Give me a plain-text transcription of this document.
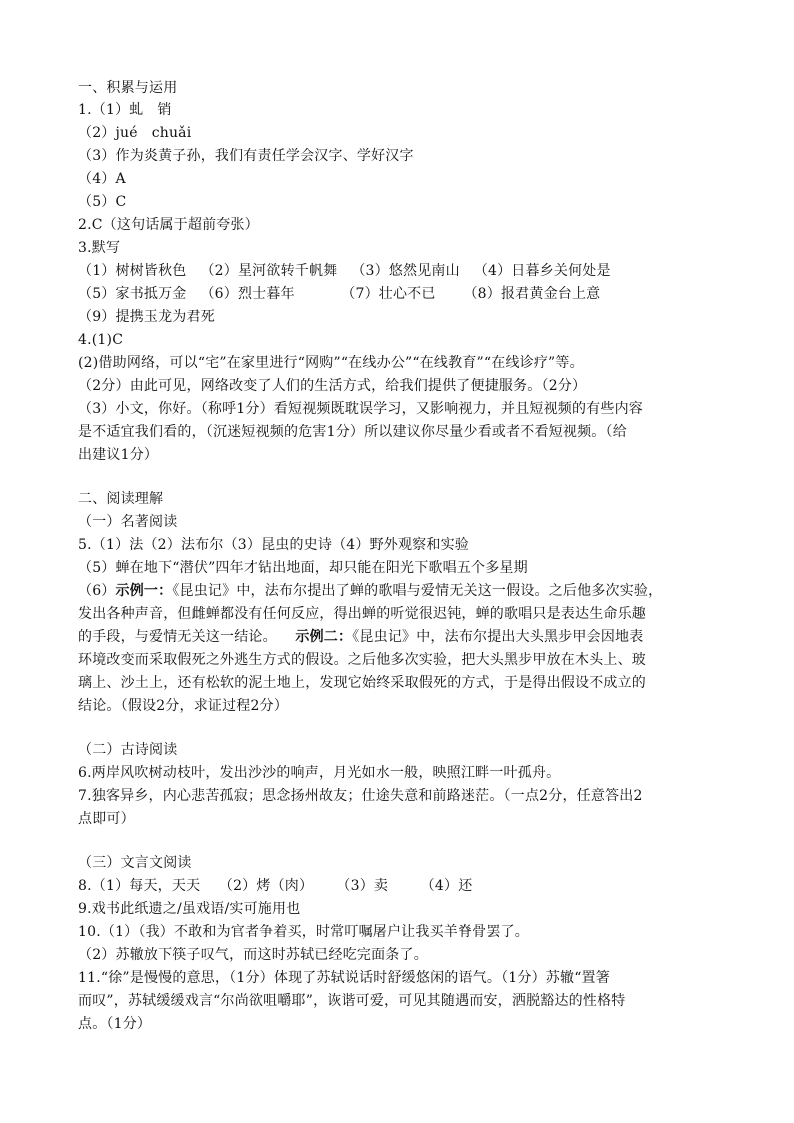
一、积累与运用
1.（1）虬   销
（2）jué   chuǎi
（3）作为炎黄子孙，我们有责任学会汉字、学好汉字
（4）A
（5）C
2.C（这句话属于超前夸张）
3.默写
（1）树树皆秋色   （2）星河欲转千帆舞   （3）悠然见南山   （4）日暮乡关何处是
（5）家书抵万金   （6）烈士暮年          （7）壮心不已      （8）报君黄金台上意
（9）提携玉龙为君死
4.(1)C
(2)借助网络，可以“宅”在家里进行“网购”“在线办公”“在线教育”“在线诊疗”等。
（2分）由此可见，网络改变了人们的生活方式，给我们提供了便捷服务。（2分）
（3）小文，你好。（称呼1分）看短视频既耽误学习，又影响视力，并且短视频的有些内容
是不适宜我们看的，（沉迷短视频的危害1分）所以建议你尽量少看或者不看短视频。（给
出建议1分）
二、阅读理解
（一）名著阅读
5.（1）法（2）法布尔（3）昆虫的史诗（4）野外观察和实验
（5）蝉在地下“潜伏”四年才钻出地面，却只能在阳光下歌唱五个多星期
（6）示例一：《昆虫记》中，法布尔提出了蝉的歌唱与爱情无关这一假设。之后他多次实验，
发出各种声音，但雌蝉都没有任何反应，得出蝉的听觉很迟钝，蝉的歌唱只是表达生命乐趣
的手段，与爱情无关这一结论。    示例二：《昆虫记》中，法布尔提出大头黑步甲会因地表
环境改变而采取假死之外逃生方式的假设。之后他多次实验，把大头黑步甲放在木头上、玻
璃上、沙土上，还有松软的泥土地上，发现它始终采取假死的方式，于是得出假设不成立的
结论。（假设2分，求证过程2分）
（二）古诗阅读
6.两岸风吹树动枝叶，发出沙沙的响声，月光如水一般，映照江畔一叶孤舟。
7.独客异乡，内心悲苦孤寂；思念扬州故友；仕途失意和前路迷茫。（一点2分，任意答出2
点即可）
（三）文言文阅读
8.（1）每天，天天    （2）烤（肉）     （3）卖       （4）还
9.戏书此纸遗之/虽戏语/实可施用也
10.（1）（我）不敢和为官者争着买，时常叮嘱屠户让我买羊脊骨罢了。
（2）苏辙放下筷子叹气，而这时苏轼已经吃完面条了。
11.“徐”是慢慢的意思，（1分）体现了苏轼说话时舒缓悠闲的语气。（1分）苏辙“置箸
而叹”，苏轼缓缓戏言“尔尚欲咀嚼耶”，诙谐可爱，可见其随遇而安，洒脱豁达的性格特
点。（1分）
